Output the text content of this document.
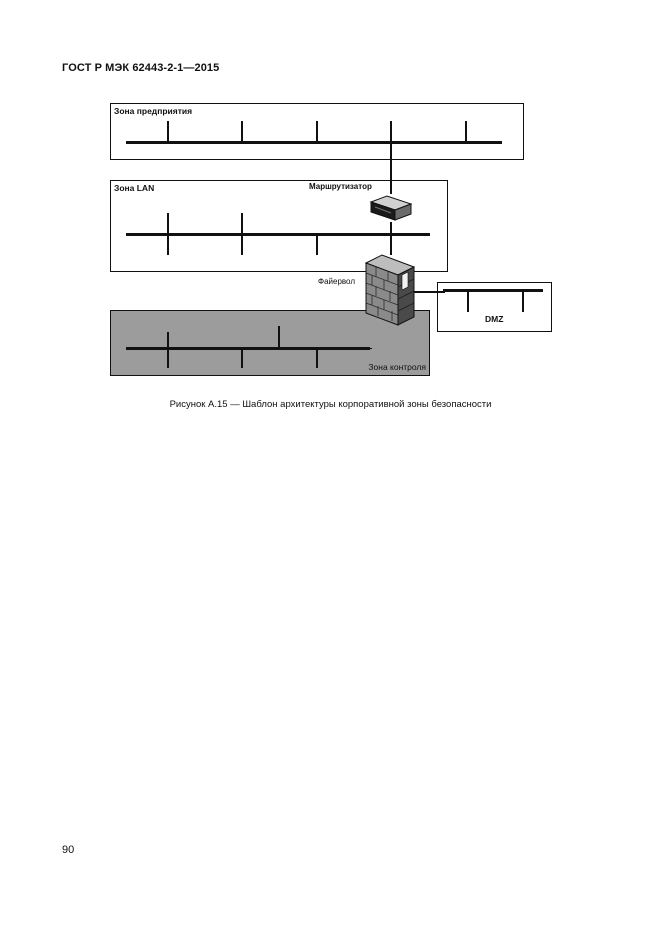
ГОСТ Р МЭК 62443-2-1—2015
Зона предприятия
Зона LAN	Маршрутизатор
Зона контроля
DMZ
Файервол
Рисунок А.15 — Шаблон архитектуры корпоративной зоны безопасности
90
